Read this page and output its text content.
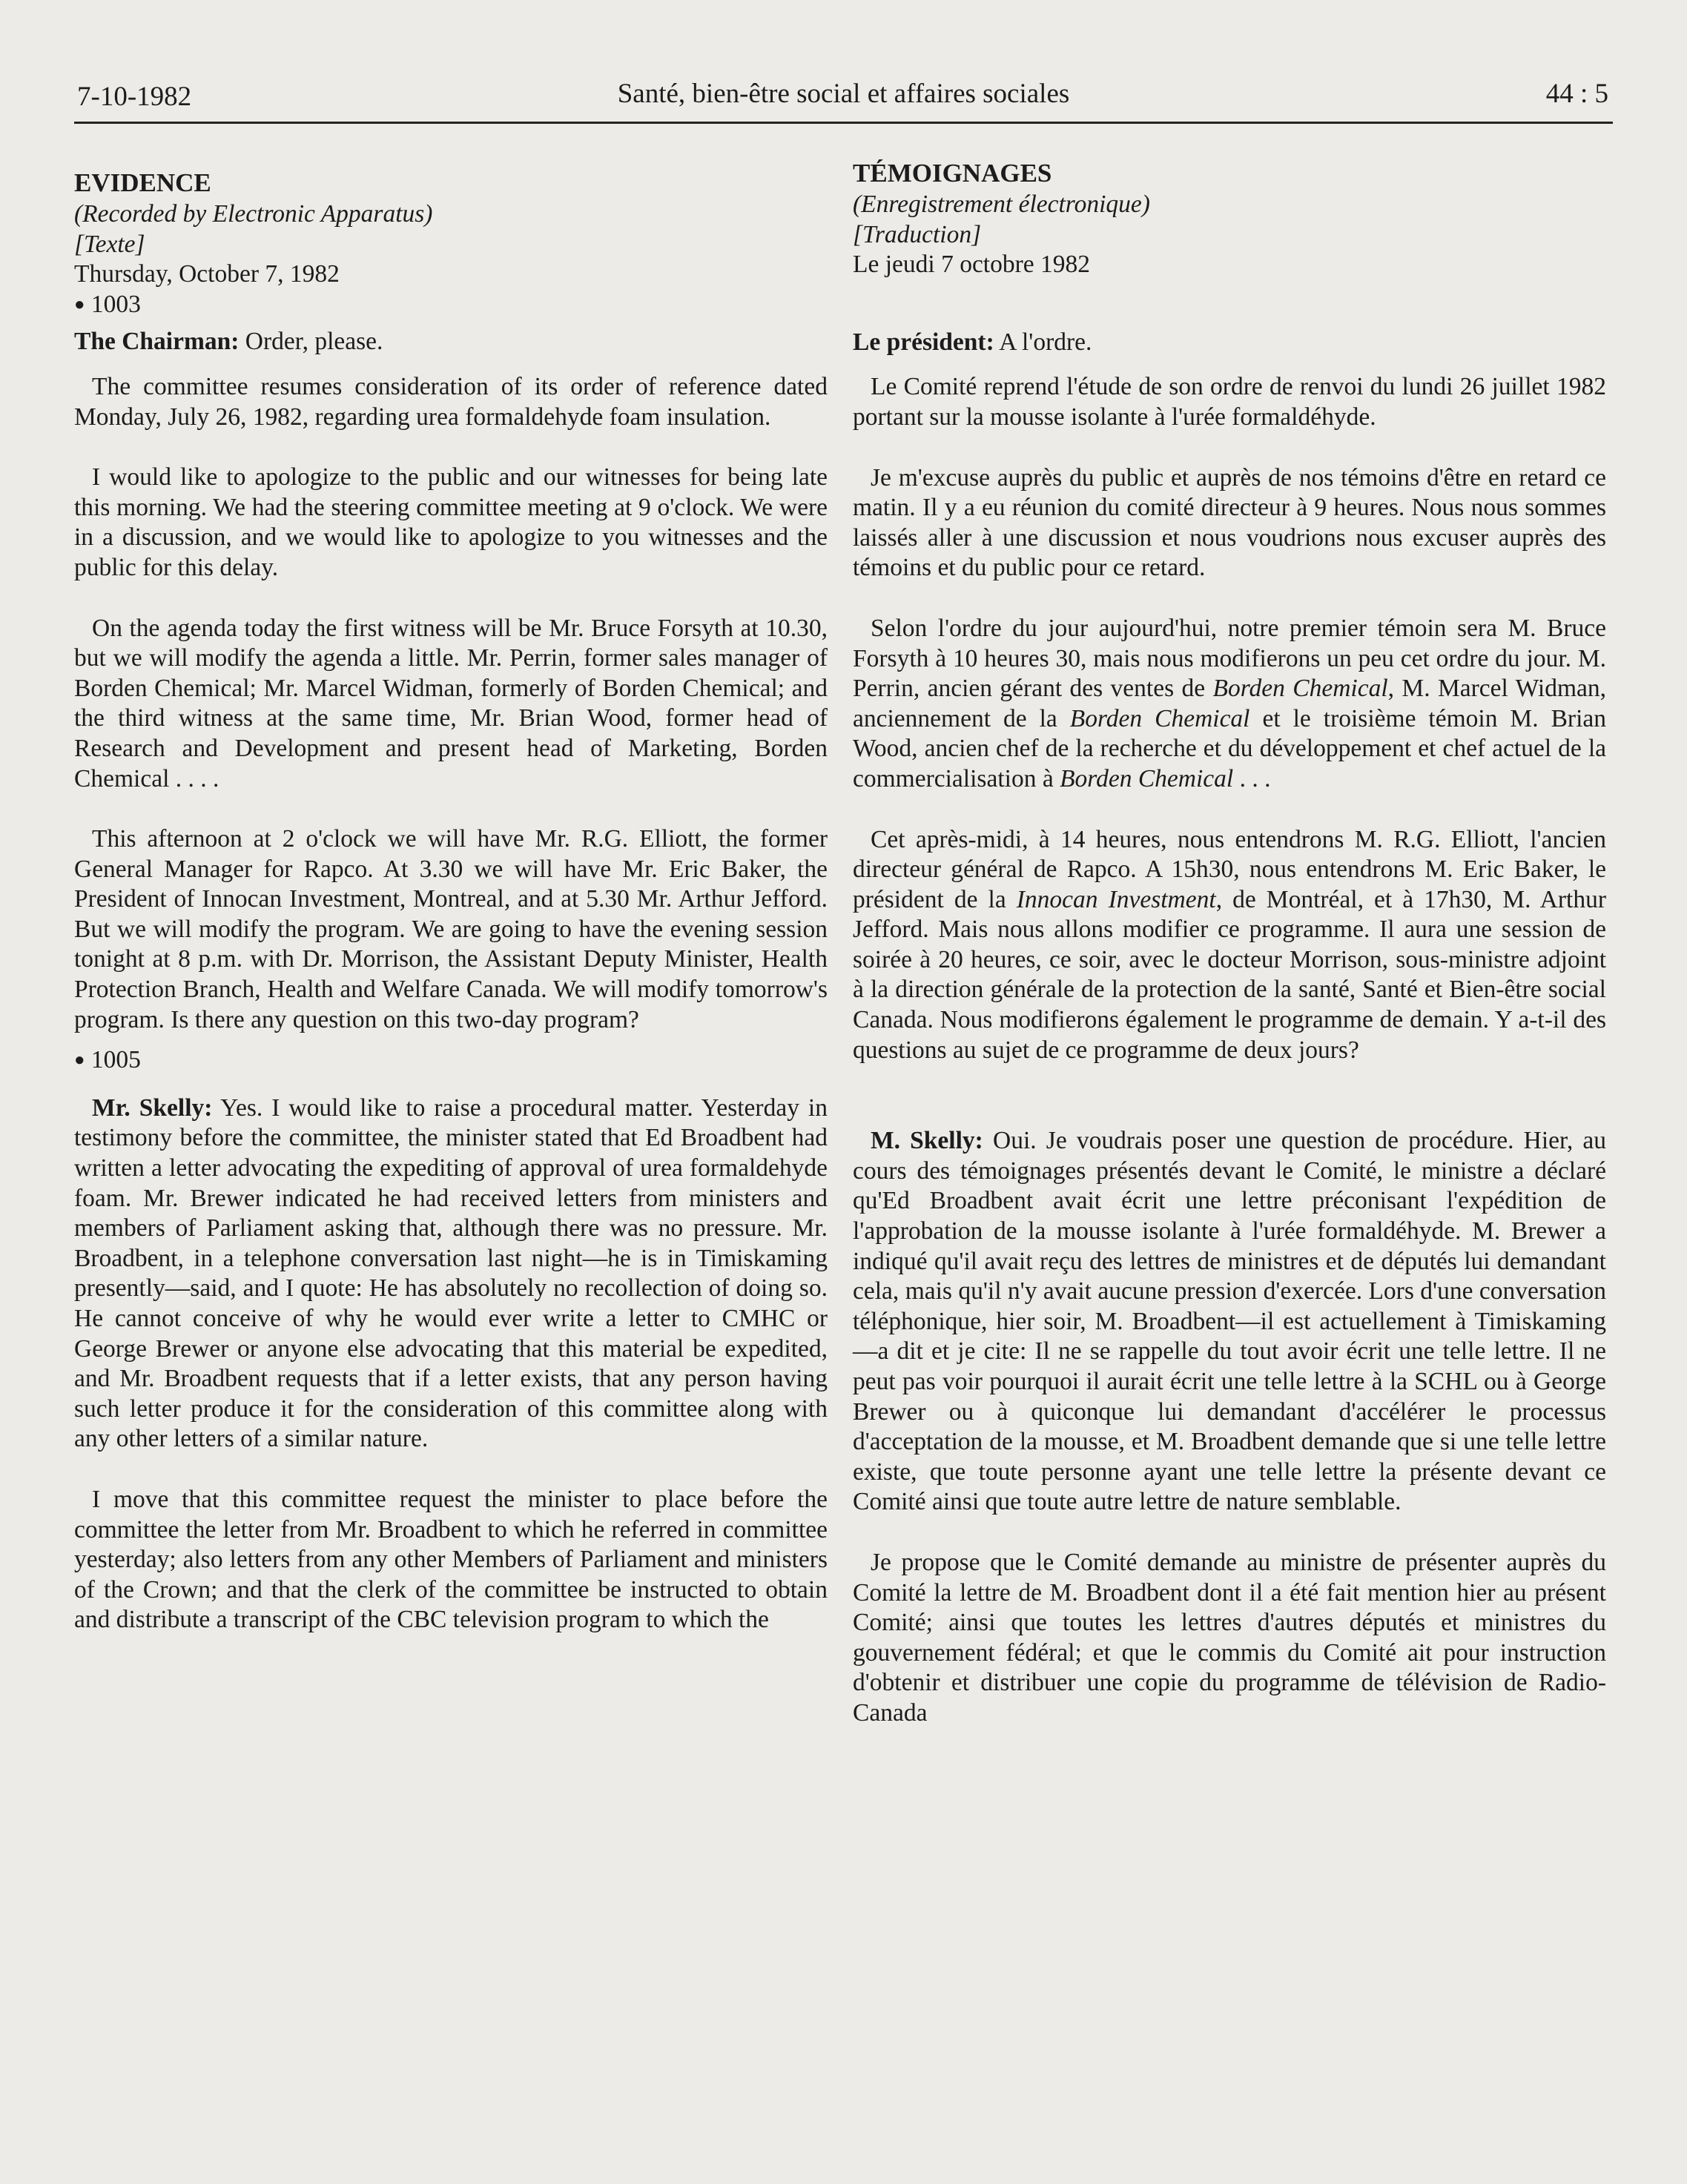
7-10-1982	Santé, bien-être social et affaires sociales	44 : 5

EVIDENCE

(Recorded by Electronic Apparatus)

[Texte]

Thursday, October 7, 1982

● 1003

The Chairman: Order, please.

The committee resumes consideration of its order of reference dated Monday, July 26, 1982, regarding urea formaldehyde foam insulation.

I would like to apologize to the public and our witnesses for being late this morning. We had the steering committee meeting at 9 o'clock. We were in a discussion, and we would like to apologize to you witnesses and the public for this delay.

On the agenda today the first witness will be Mr. Bruce Forsyth at 10.30, but we will modify the agenda a little. Mr. Perrin, former sales manager of Borden Chemical; Mr. Marcel Widman, formerly of Borden Chemical; and the third witness at the same time, Mr. Brian Wood, former head of Research and Development and present head of Marketing, Borden Chemical . . . .

This afternoon at 2 o'clock we will have Mr. R.G. Elliott, the former General Manager for Rapco. At 3.30 we will have Mr. Eric Baker, the President of Innocan Investment, Montreal, and at 5.30 Mr. Arthur Jefford. But we will modify the program. We are going to have the evening session tonight at 8 p.m. with Dr. Morrison, the Assistant Deputy Minister, Health Protection Branch, Health and Welfare Canada. We will modify tomorrow's program. Is there any question on this two-day program?

● 1005

Mr. Skelly: Yes. I would like to raise a procedural matter. Yesterday in testimony before the committee, the minister stated that Ed Broadbent had written a letter advocating the expediting of approval of urea formaldehyde foam. Mr. Brewer indicated he had received letters from ministers and members of Parliament asking that, although there was no pressure. Mr. Broadbent, in a telephone conversation last night—he is in Timiskaming presently—said, and I quote: He has absolutely no recollection of doing so. He cannot conceive of why he would ever write a letter to CMHC or George Brewer or anyone else advocating that this material be expedited, and Mr. Broadbent requests that if a letter exists, that any person having such letter produce it for the consideration of this committee along with any other letters of a similar nature.

I move that this committee request the minister to place before the committee the letter from Mr. Broadbent to which he referred in committee yesterday; also letters from any other Members of Parliament and ministers of the Crown; and that the clerk of the committee be instructed to obtain and distribute a transcript of the CBC television program to which the

TÉMOIGNAGES

(Enregistrement électronique)

[Traduction]

Le jeudi 7 octobre 1982

Le président: A l'ordre.

Le Comité reprend l'étude de son ordre de renvoi du lundi 26 juillet 1982 portant sur la mousse isolante à l'urée formaldéhyde.

Je m'excuse auprès du public et auprès de nos témoins d'être en retard ce matin. Il y a eu réunion du comité directeur à 9 heures. Nous nous sommes laissés aller à une discussion et nous voudrions nous excuser auprès des témoins et du public pour ce retard.

Selon l'ordre du jour aujourd'hui, notre premier témoin sera M. Bruce Forsyth à 10 heures 30, mais nous modifierons un peu cet ordre du jour. M. Perrin, ancien gérant des ventes de Borden Chemical, M. Marcel Widman, anciennement de la Borden Chemical et le troisième témoin M. Brian Wood, ancien chef de la recherche et du développement et chef actuel de la commercialisation à Borden Chemical . . .

Cet après-midi, à 14 heures, nous entendrons M. R.G. Elliott, l'ancien directeur général de Rapco. A 15h30, nous entendrons M. Eric Baker, le président de la Innocan Investment, de Montréal, et à 17h30, M. Arthur Jefford. Mais nous allons modifier ce programme. Il aura une session de soirée à 20 heures, ce soir, avec le docteur Morrison, sous-ministre adjoint à la direction générale de la protection de la santé, Santé et Bien-être social Canada. Nous modifierons également le programme de demain. Y a-t-il des questions au sujet de ce programme de deux jours?

M. Skelly: Oui. Je voudrais poser une question de procédure. Hier, au cours des témoignages présentés devant le Comité, le ministre a déclaré qu'Ed Broadbent avait écrit une lettre préconisant l'expédition de l'approbation de la mousse isolante à l'urée formaldéhyde. M. Brewer a indiqué qu'il avait reçu des lettres de ministres et de députés lui demandant cela, mais qu'il n'y avait aucune pression d'exercée. Lors d'une conversation téléphonique, hier soir, M. Broadbent—il est actuellement à Timiskaming—a dit et je cite: Il ne se rappelle du tout avoir écrit une telle lettre. Il ne peut pas voir pourquoi il aurait écrit une telle lettre à la SCHL ou à George Brewer ou à quiconque lui demandant d'accélérer le processus d'acceptation de la mousse, et M. Broadbent demande que si une telle lettre existe, que toute personne ayant une telle lettre la présente devant ce Comité ainsi que toute autre lettre de nature semblable.

Je propose que le Comité demande au ministre de présenter auprès du Comité la lettre de M. Broadbent dont il a été fait mention hier au présent Comité; ainsi que toutes les lettres d'autres députés et ministres du gouvernement fédéral; et que le commis du Comité ait pour instruction d'obtenir et distribuer une copie du programme de télévision de Radio-Canada
